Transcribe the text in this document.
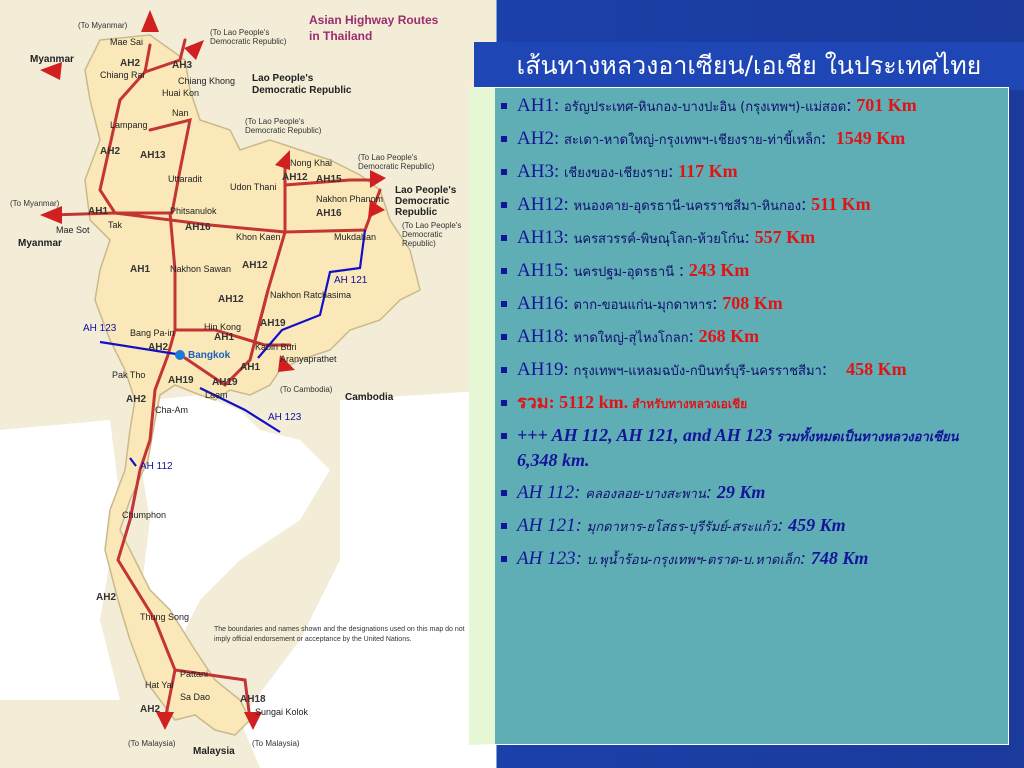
Myanmar
Myanmar
Lao People's
Democratic Republic
Lao People's
Democratic
Republic
Cambodia
Malaysia
(To Myanmar)
(To Myanmar)
(To Lao People's
Democratic Republic)
(To Lao People's
Democratic Republic)
(To Lao People's
Democratic Republic)
(To Lao People's
Democratic
Republic)
(To Cambodia)
(To Malaysia)	(To Malaysia)
Mae Sai
Chiang Rai
Chiang Khong
Huai Kon
Nan
Lampang
Uttaradit
Nong Khai
Udon Thani
Nakhon Phanom
Mae Sot Tak
Phitsanulok
Khon Kaen	Mukdahan
Nakhon Sawan
Nakhon Ratchasima
Bang Pa-in
Hin Kong
Kabin Buri
Aranyaprathet
Bangkok
Pak Tho
Laem
Cha-Am
Chumphon
Thung Song
Pattani
Hat Yai
Sa Dao
Sungai Kolok
AH2	AH3
AH2 AH13
AH1
AH12 AH15
AH16
AH16
AH1	AH12
AH12
AH19
AH1
AH1
AH2
AH19 AH19
AH2
AH2
AH2
AH18
AH 121
AH 123
AH 123
AH 112
Asian Highway Routes
in Thailand
The boundaries and names shown and the designations used on this map do not imply official endorsement or acceptance by the United Nations.
เส้นทางหลวงอาเซียน/เอเชีย ในประเทศไทย
AH1: อรัญประเทศ-หินกอง-บางปะอิน (กรุงเทพฯ)-แม่สอด: 701 Km
AH2: สะเดา-หาดใหญ่-กรุงเทพฯ-เชียงราย-ท่าขี้เหล็ก:  1549 Km
AH3: เชียงของ-เชียงราย: 117 Km
AH12: หนองคาย-อุดรธานี-นครราชสีมา-หินกอง: 511 Km
AH13: นครสวรรค์-พิษณุโลก-ห้วยโก๋น: 557 Km
AH15: นครปฐม-อุดรธานี : 243 Km
AH16: ตาก-ขอนแก่น-มุกดาหาร: 708 Km
AH18: หาดใหญ่-สุไหงโกลก: 268 Km
AH19: กรุงเทพฯ-แหลมฉบัง-กบินทร์บุรี-นครราชสีมา:    458 Km
รวม: 5112 km. สำหรับทางหลวงเอเชีย
+++ AH 112, AH 121, and AH 123 รวมทั้งหมดเป็นทางหลวงอาเซียน 6,348 km.
AH 112: คลองลอย-บางสะพาน: 29 Km
AH 121: มุกดาหาร-ยโสธร-บุรีรัมย์-สระแก้ว: 459 Km
AH 123: บ.พุน้ำร้อน-กรุงเทพฯ-ตราด-บ.หาดเล็ก: 748 Km
